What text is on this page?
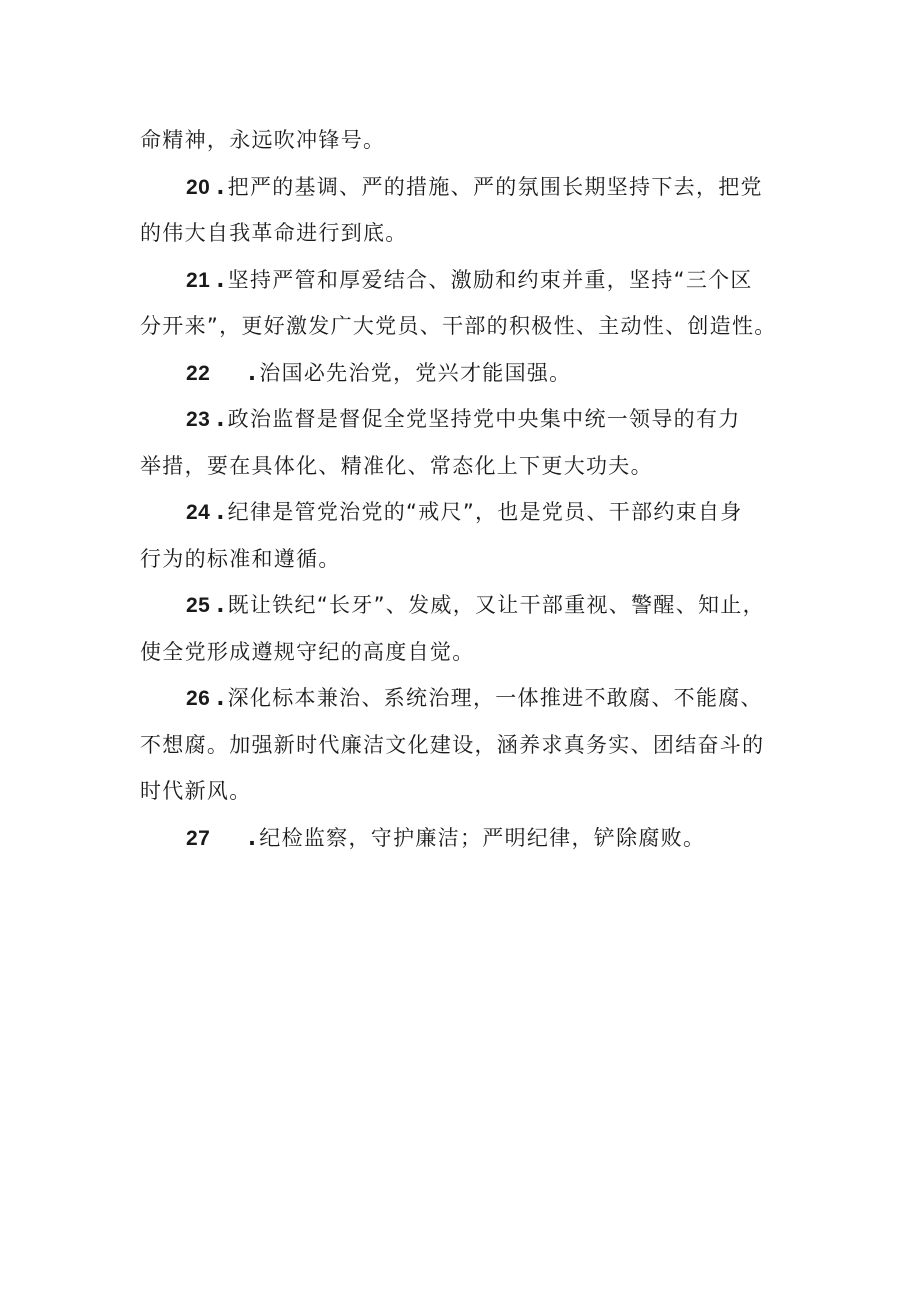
命精神，永远吹冲锋号。
20 .把严的基调、严的措施、严的氛围长期坚持下去，把党
的伟大自我革命进行到底。
21 .坚持严管和厚爱结合、激励和约束并重，坚持“三个区
分开来”，更好激发广大党员、干部的积极性、主动性、创造性。
22 .治国必先治党，党兴才能国强。
23 .政治监督是督促全党坚持党中央集中统一领导的有力
举措，要在具体化、精准化、常态化上下更大功夫。
24 .纪律是管党治党的“戒尺”，也是党员、干部约束自身
行为的标准和遵循。
25 .既让铁纪“长牙”、发威，又让干部重视、警醒、知止，
使全党形成遵规守纪的高度自觉。
26 .深化标本兼治、系统治理，一体推进不敢腐、不能腐、
不想腐。加强新时代廉洁文化建设，涵养求真务实、团结奋斗的
时代新风。
27 .纪检监察，守护廉洁；严明纪律，铲除腐败。
